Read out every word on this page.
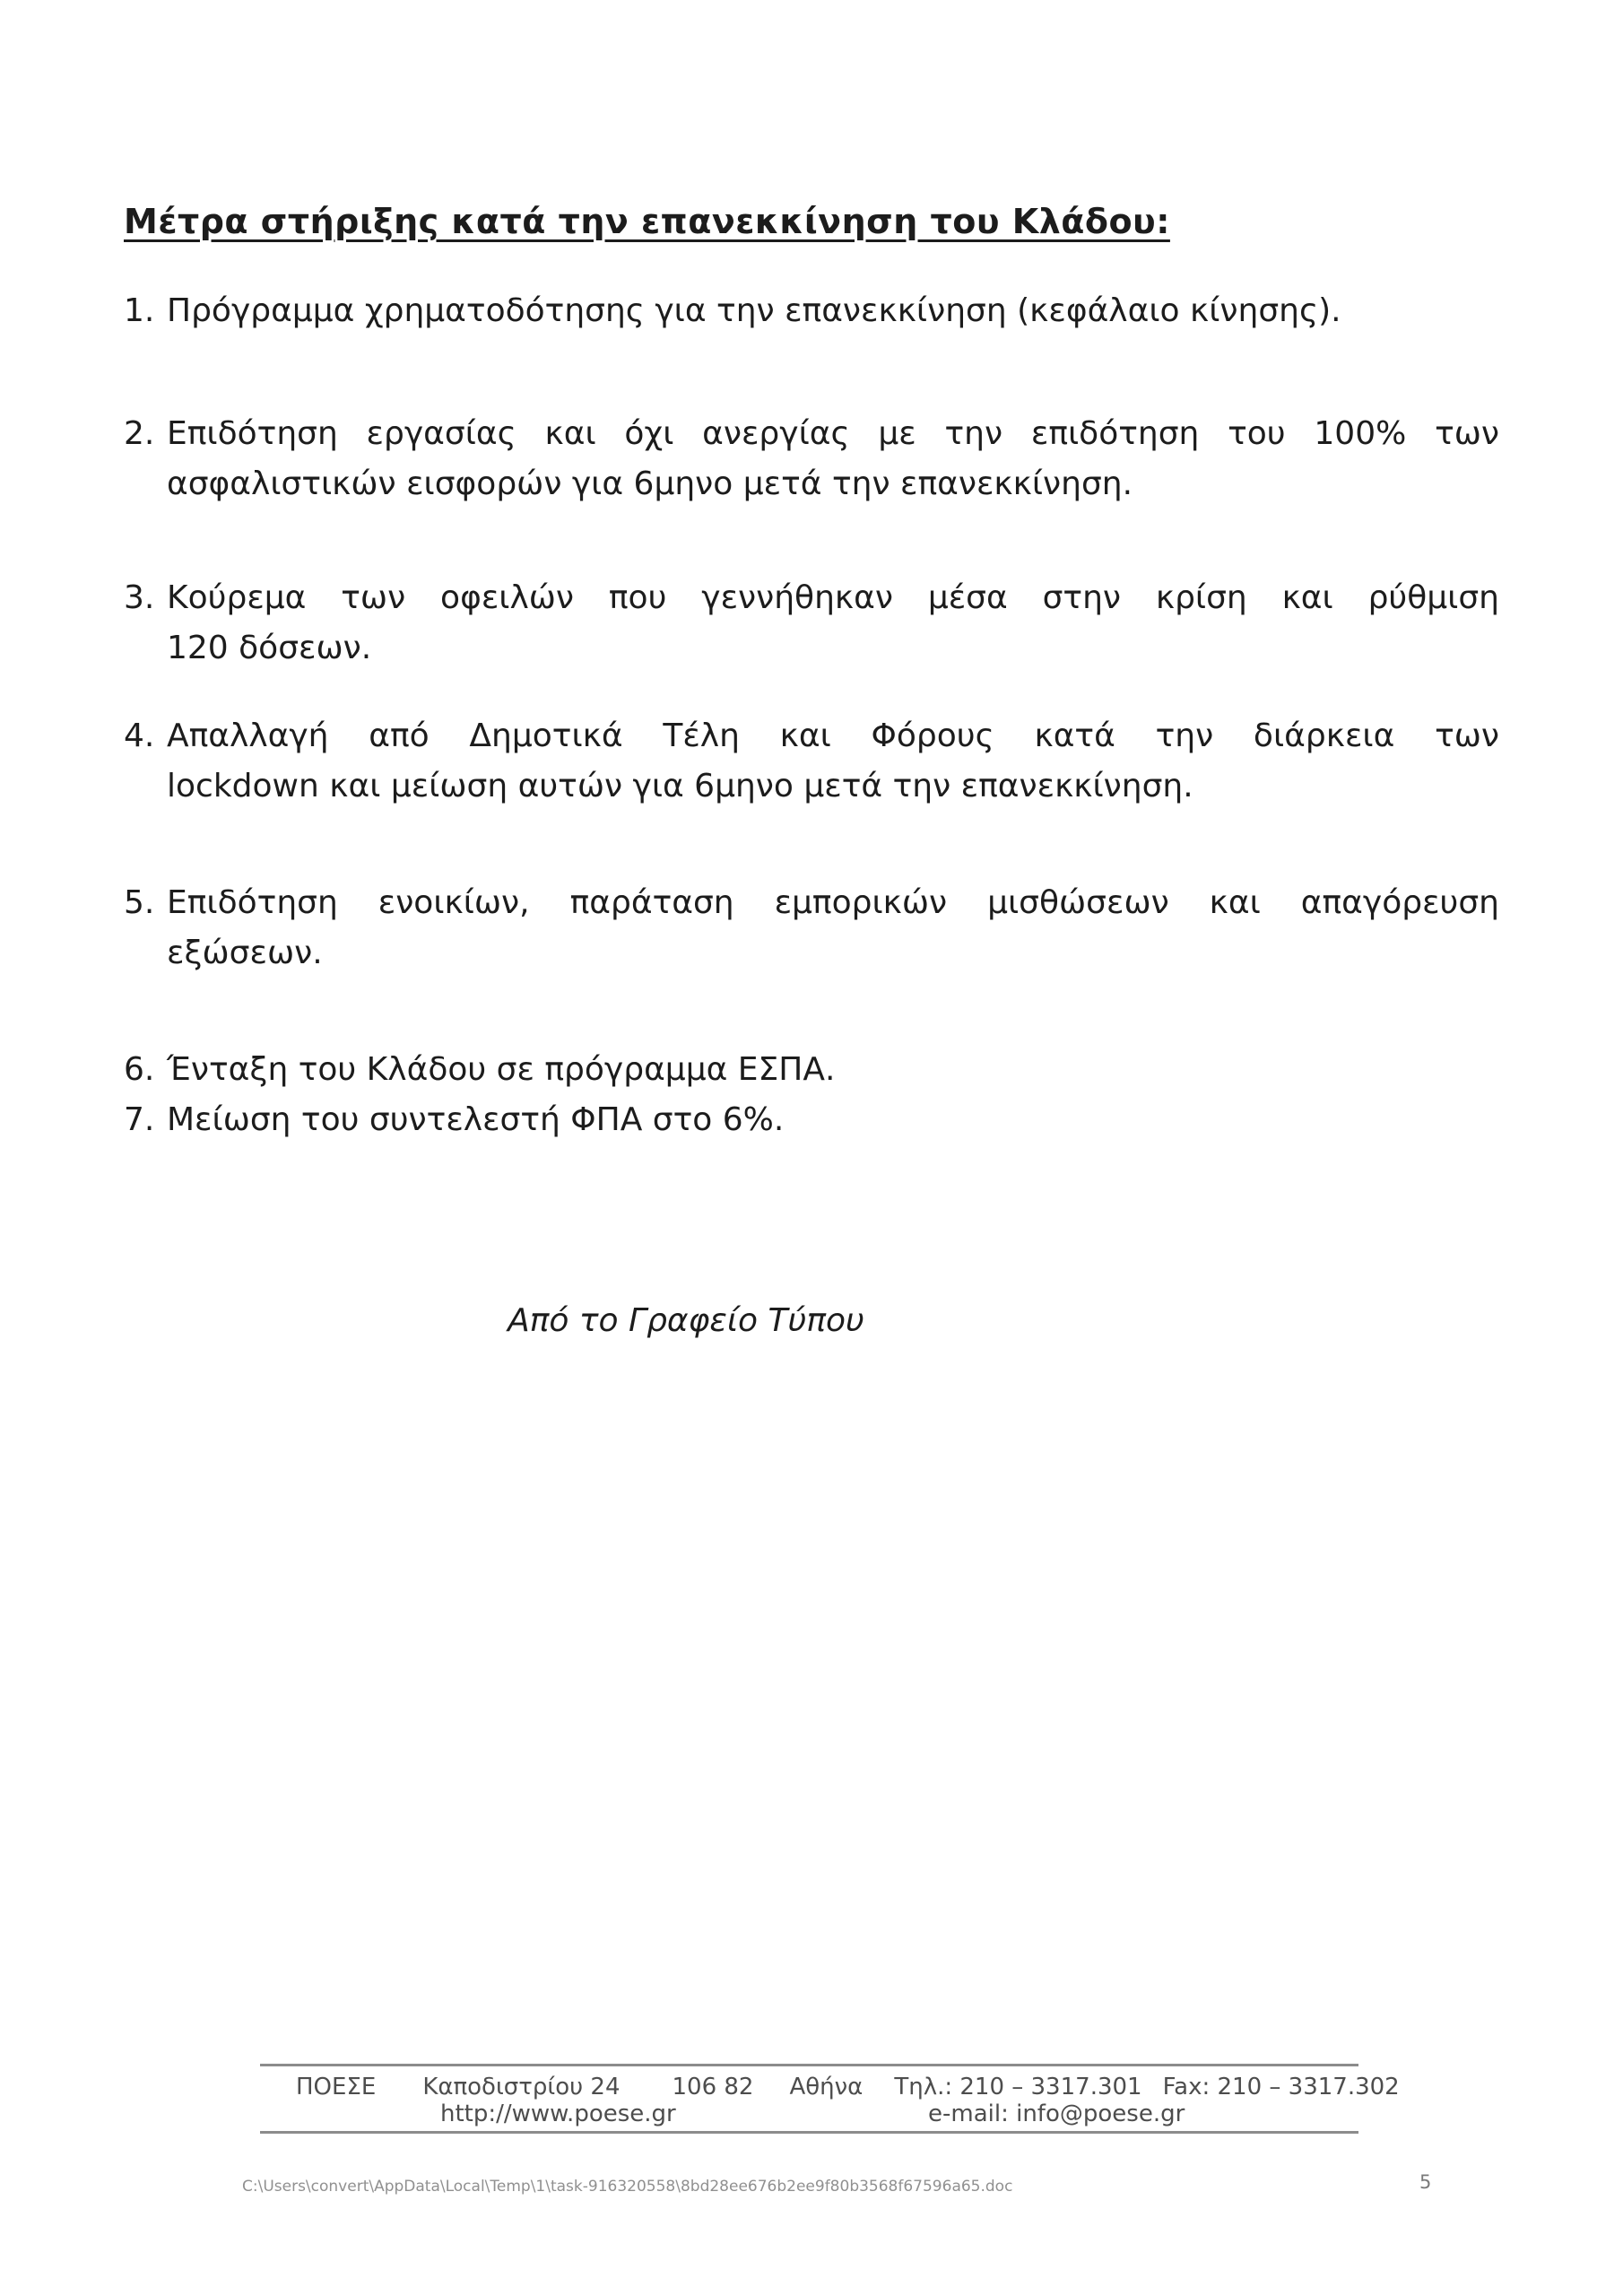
Μέτρα στήριξης κατά την επανεκκίνηση του Κλάδου:
1. Πρόγραμμα χρηματοδότησης για την επανεκκίνηση (κεφάλαιο κίνησης).
2. Επιδότηση εργασίας και όχι ανεργίας με την επιδότηση του 100% των
ασφαλιστικών εισφορών για 6μηνο μετά την επανεκκίνηση.
3. Κούρεμα των οφειλών που γεννήθηκαν μέσα στην κρίση και ρύθμιση
120 δόσεων.
4. Απαλλαγή από Δημοτικά Τέλη και Φόρους κατά την διάρκεια των
lockdown και μείωση αυτών για 6μηνο μετά την επανεκκίνηση.
5. Επιδότηση ενοικίων, παράταση εμπορικών μισθώσεων και απαγόρευση
εξώσεων.
6. Ένταξη του Κλάδου σε πρόγραμμα ΕΣΠΑ.
7. Μείωση του συντελεστή ΦΠΑ στο 6%.
Από το Γραφείο Τύπου
ΠΟΕΣΕ Καποδιστρίου 24 106 82 Αθήνα Τηλ.: 210 – 3317.301 Fax: 210 – 3317.302
http://www.poese.gr	e-mail: info@poese.gr
C:\Users\convert\AppData\Local\Temp\1\task-916320558\8bd28ee676b2ee9f80b3568f67596a65.doc	5
